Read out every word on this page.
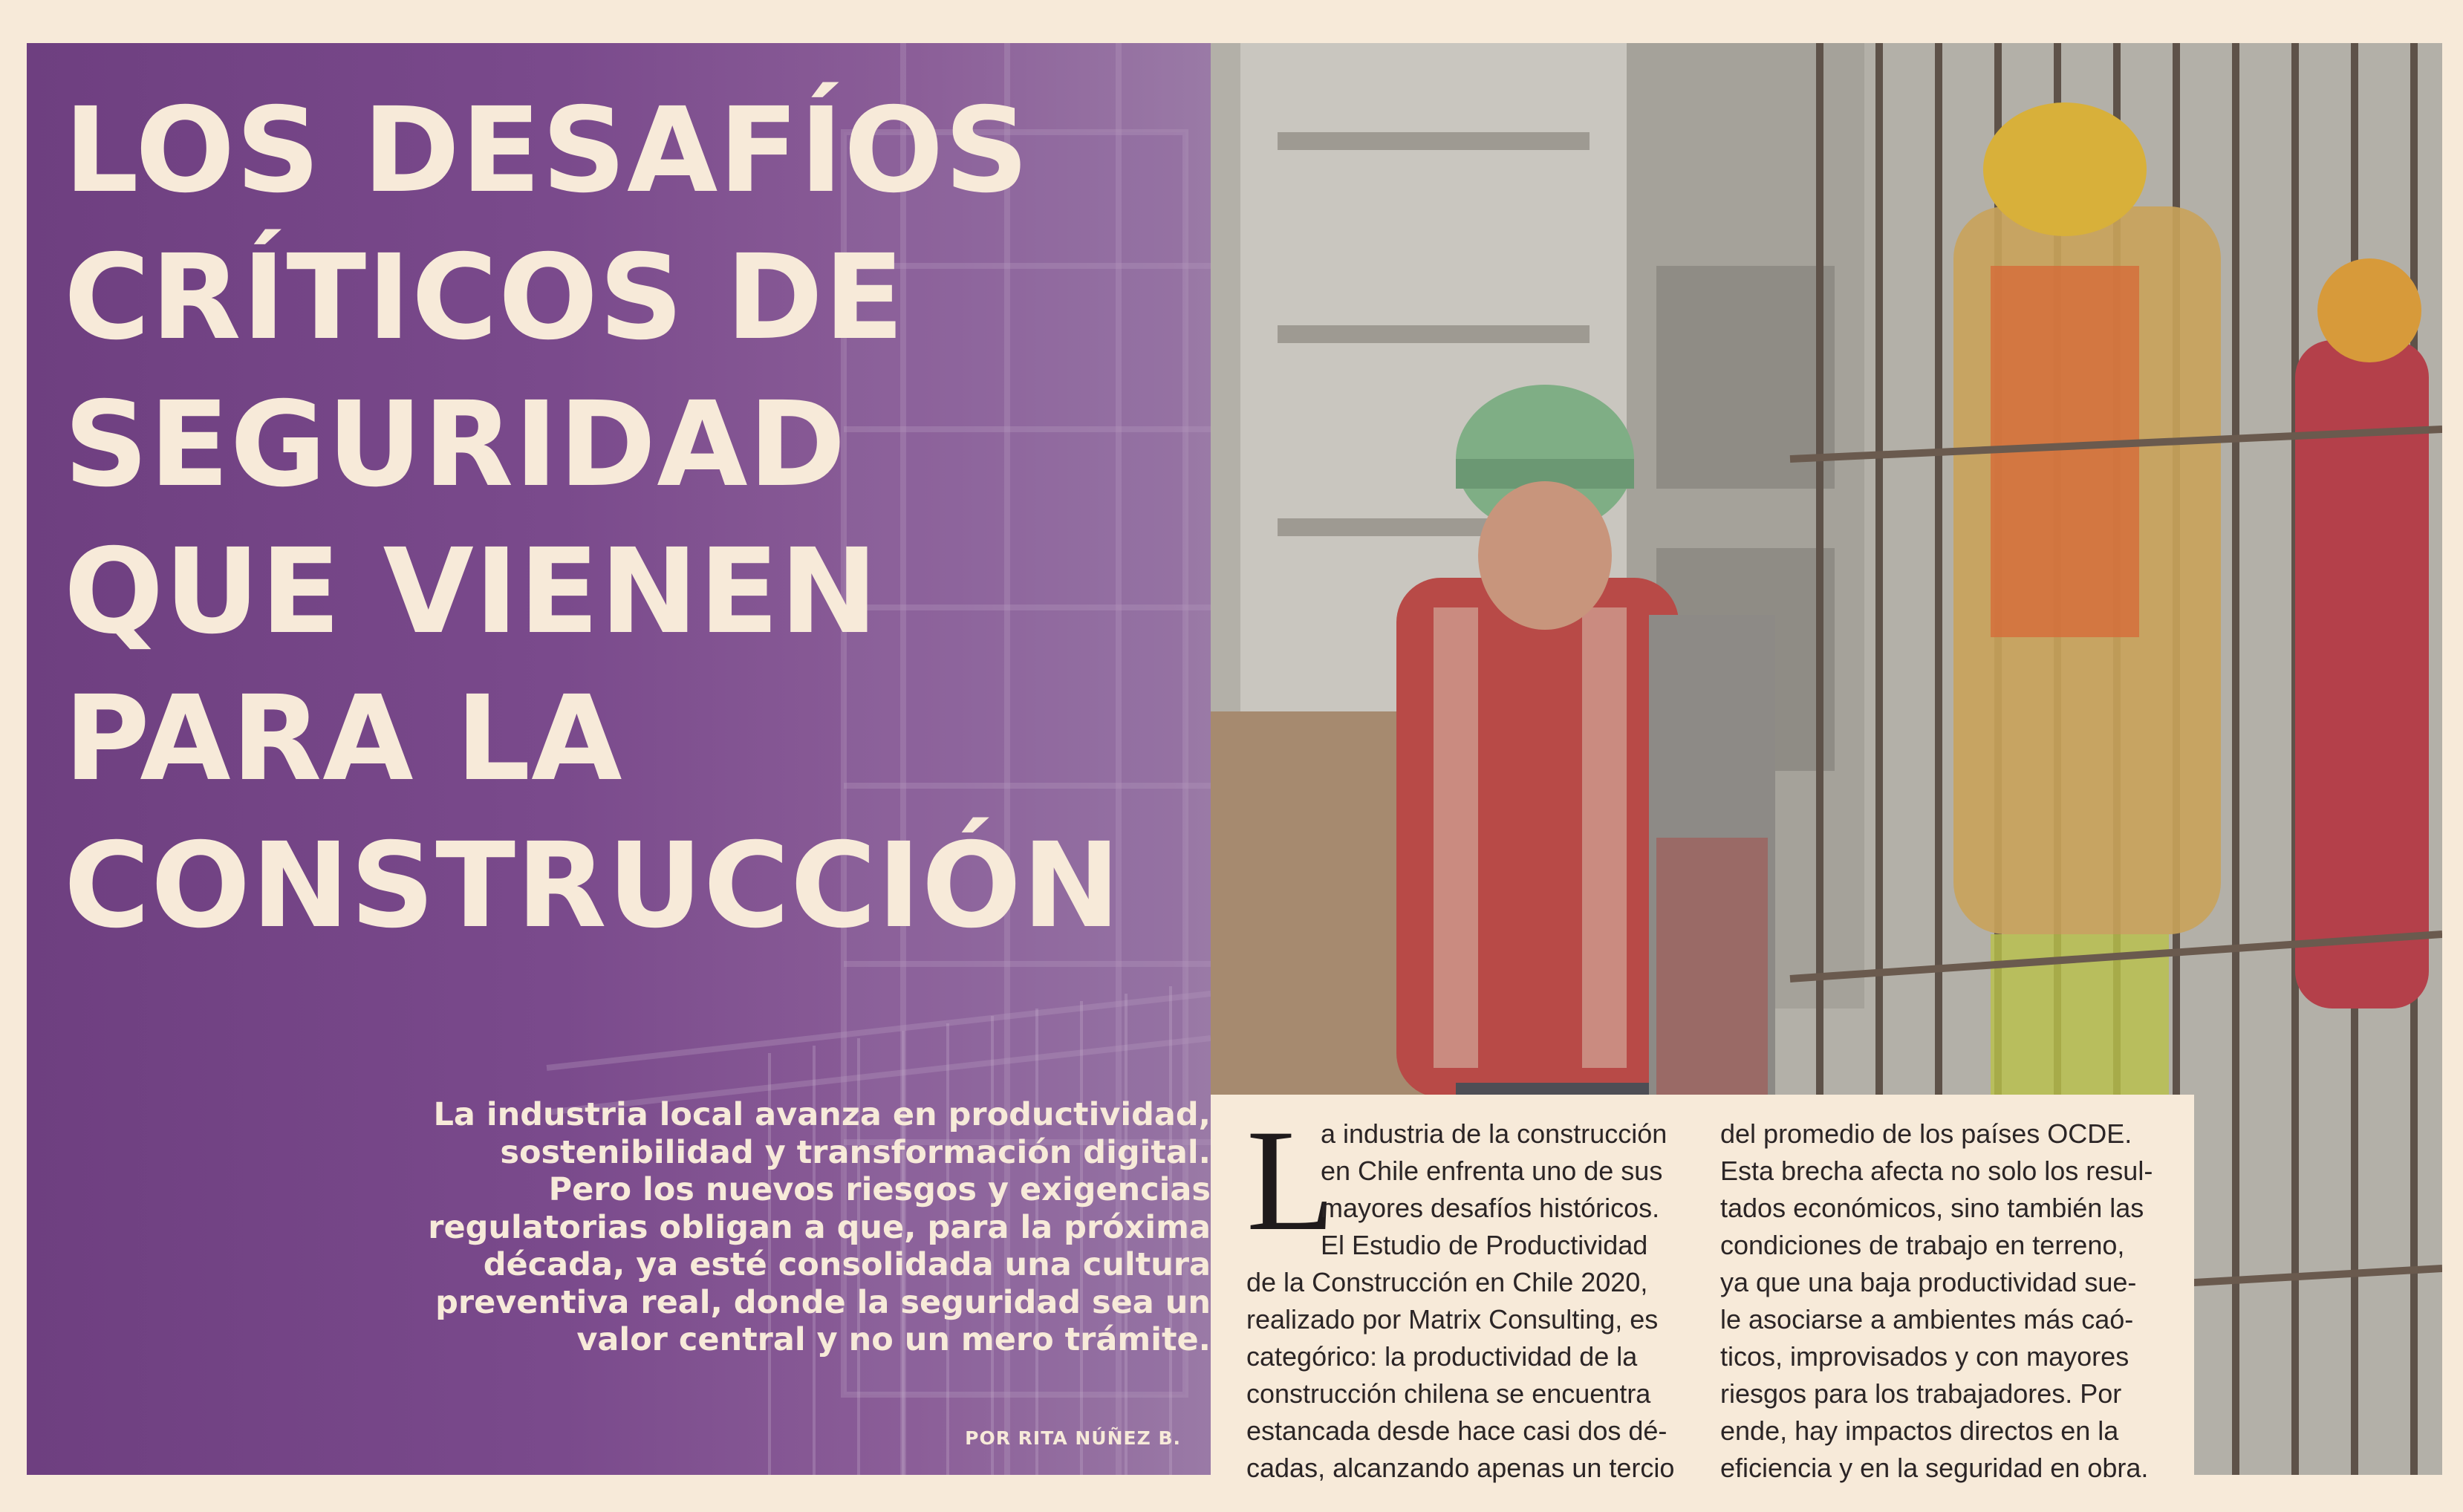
LOS DESAFÍOS
CRÍTICOS DE
SEGURIDAD
QUE VIENEN
PARA LA
CONSTRUCCIÓN

La industria local avanza en productividad,
sostenibilidad y transformación digital.
Pero los nuevos riesgos y exigencias
regulatorias obligan a que, para la próxima
década, ya esté consolidada una cultura
preventiva real, donde la seguridad sea un
valor central y no un mero trámite.

POR RITA NÚÑEZ B.

L
a industria de la construcción
en Chile enfrenta uno de sus
mayores desafíos históricos.
El Estudio de Productividad
de la Construcción en Chile 2020,
realizado por Matrix Consulting, es
categórico: la productividad de la
construcción chilena se encuentra
estancada desde hace casi dos dé-
cadas, alcanzando apenas un tercio
del promedio de los países OCDE.
Esta brecha afecta no solo los resul-
tados económicos, sino también las
condiciones de trabajo en terreno,
ya que una baja productividad sue-
le asociarse a ambientes más caó-
ticos, improvisados y con mayores
riesgos para los trabajadores. Por
ende, hay impactos directos en la
eficiencia y en la seguridad en obra.
